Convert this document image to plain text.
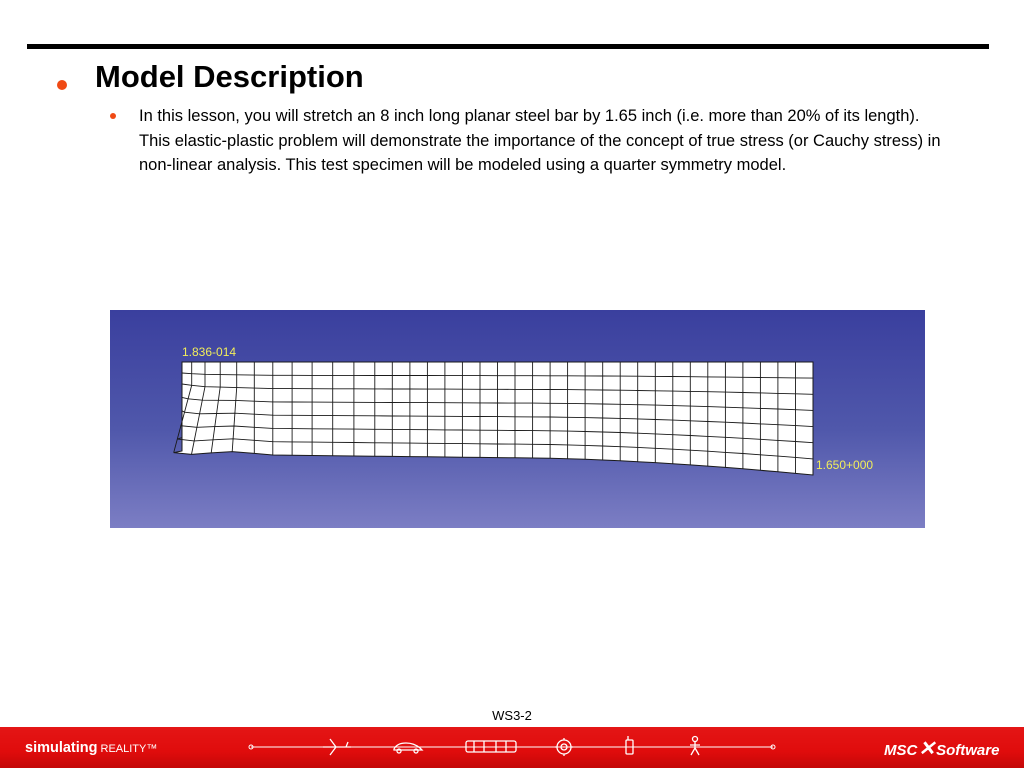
Model Description

In this lesson, you will stretch an 8 inch long planar steel bar by 1.65 inch (i.e. more than 20% of its length). This elastic-plastic problem will demonstrate the importance of the concept of true stress (or Cauchy stress) in non-linear analysis. This test specimen will be modeled using a quarter symmetry model.

1.836-014
1.650+000
WS3-2
simulating REALITY™	MSC✕Software
